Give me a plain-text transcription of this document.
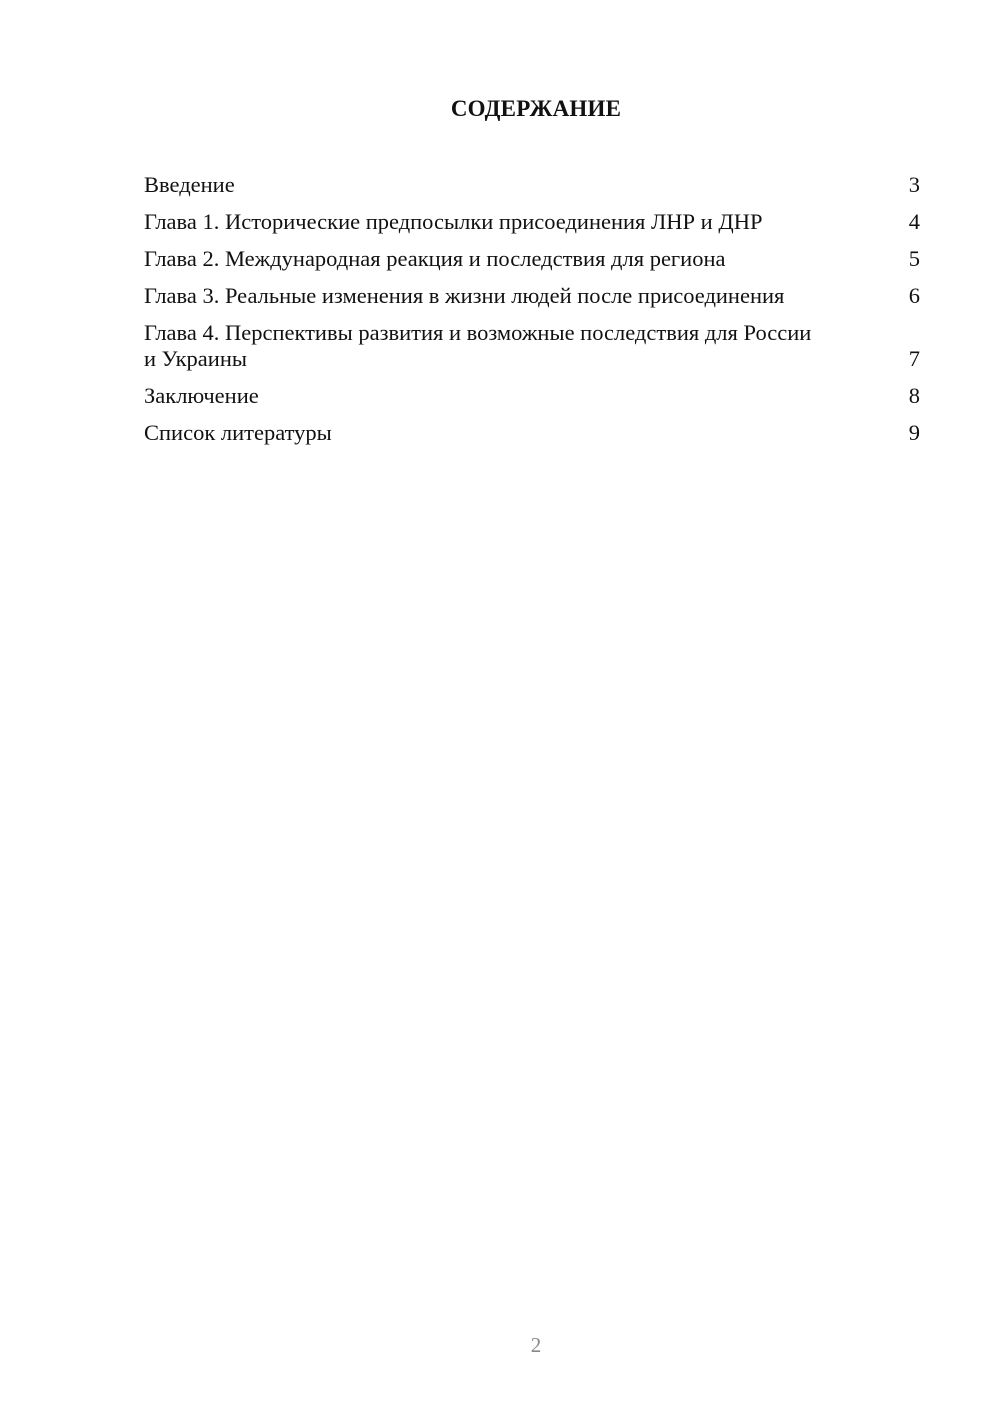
СОДЕРЖАНИЕ
Введение	3
Глава 1. Исторические предпосылки присоединения ЛНР и ДНР	4
Глава 2. Международная реакция и последствия для региона	5
Глава 3. Реальные изменения в жизни людей после присоединения	6
Глава 4. Перспективы развития и возможные последствия для России и Украины	7
Заключение	8
Список литературы	9
2
